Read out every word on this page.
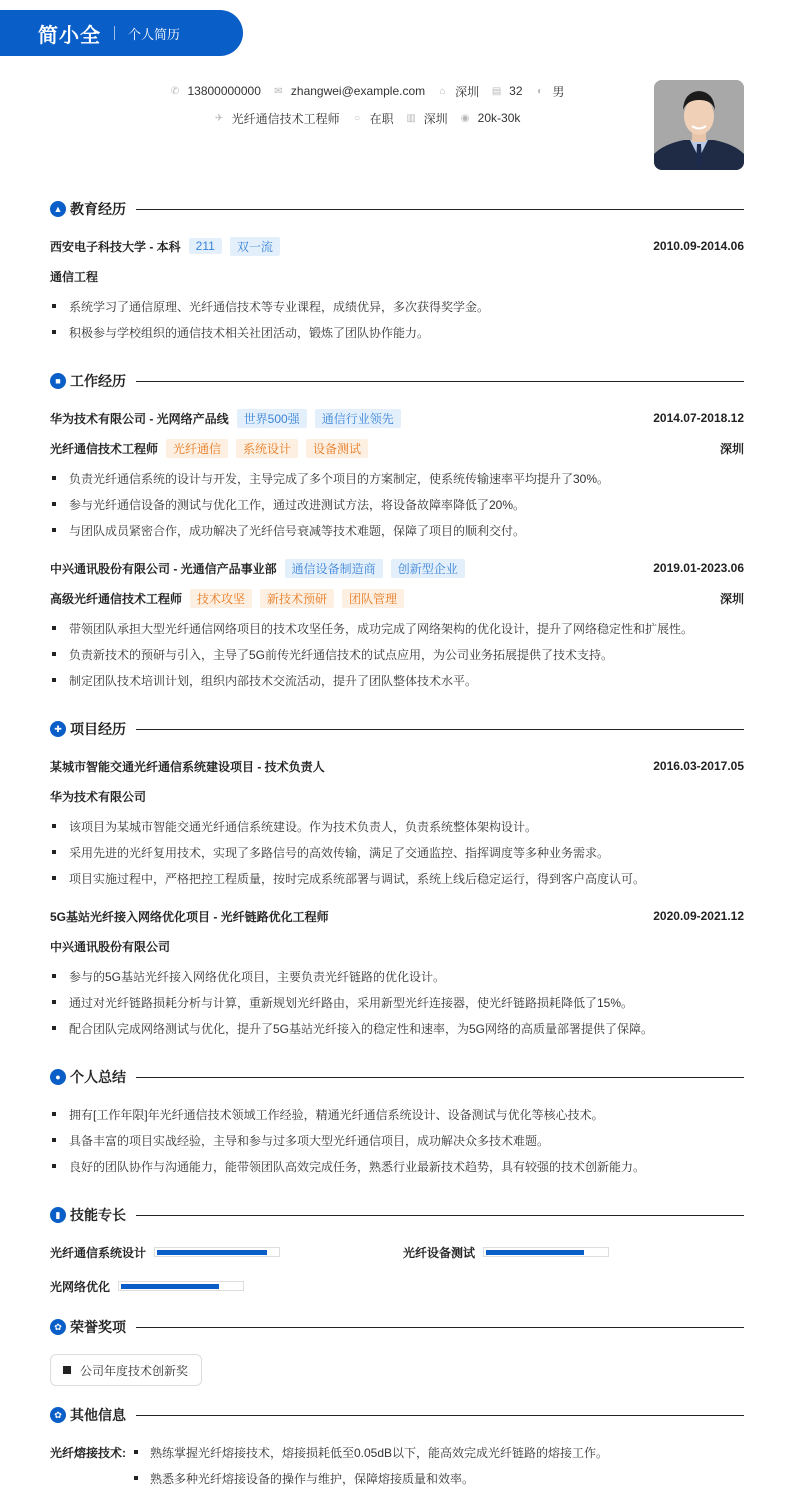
简小全 个人简历
✆ 13800000000 ✉ zhangwei@example.com ⌂ 深圳 ▤ 32 ◐ 男
✈ 光纤通信技术工程师 ○ 在职 ▥ 深圳 ◉ 20k-30k
▲ 教育经历
西安电子科技大学 - 本科	211	双一流	2010.09-2014.06
通信工程
系统学习了通信原理、光纤通信技术等专业课程，成绩优异，多次获得奖学金。
积极参与学校组织的通信技术相关社团活动，锻炼了团队协作能力。
■ 工作经历
华为技术有限公司 - 光网络产品线	世界500强	通信行业领先	2014.07-2018.12
光纤通信技术工程师	光纤通信	系统设计	设备测试	深圳
负责光纤通信系统的设计与开发，主导完成了多个项目的方案制定，使系统传输速率平均提升了30%。
参与光纤通信设备的测试与优化工作，通过改进测试方法，将设备故障率降低了20%。
与团队成员紧密合作，成功解决了光纤信号衰减等技术难题，保障了项目的顺利交付。
中兴通讯股份有限公司 - 光通信产品事业部	通信设备制造商	创新型企业	2019.01-2023.06
高级光纤通信技术工程师	技术攻坚	新技术预研	团队管理	深圳
带领团队承担大型光纤通信网络项目的技术攻坚任务，成功完成了网络架构的优化设计，提升了网络稳定性和扩展性。
负责新技术的预研与引入，主导了5G前传光纤通信技术的试点应用，为公司业务拓展提供了技术支持。
制定团队技术培训计划，组织内部技术交流活动，提升了团队整体技术水平。
✚ 项目经历
某城市智能交通光纤通信系统建设项目 - 技术负责人	2016.03-2017.05
华为技术有限公司
该项目为某城市智能交通光纤通信系统建设。作为技术负责人，负责系统整体架构设计。
采用先进的光纤复用技术，实现了多路信号的高效传输，满足了交通监控、指挥调度等多种业务需求。
项目实施过程中，严格把控工程质量，按时完成系统部署与调试，系统上线后稳定运行，得到客户高度认可。
5G基站光纤接入网络优化项目 - 光纤链路优化工程师	2020.09-2021.12
中兴通讯股份有限公司
参与的5G基站光纤接入网络优化项目，主要负责光纤链路的优化设计。
通过对光纤链路损耗分析与计算，重新规划光纤路由，采用新型光纤连接器，使光纤链路损耗降低了15%。
配合团队完成网络测试与优化，提升了5G基站光纤接入的稳定性和速率，为5G网络的高质量部署提供了保障。
● 个人总结
拥有[工作年限]年光纤通信技术领域工作经验，精通光纤通信系统设计、设备测试与优化等核心技术。
具备丰富的项目实战经验，主导和参与过多项大型光纤通信项目，成功解决众多技术难题。
良好的团队协作与沟通能力，能带领团队高效完成任务，熟悉行业最新技术趋势，具有较强的技术创新能力。
▮ 技能专长
光纤通信系统设计	光纤设备测试
光网络优化
✿ 荣誉奖项
公司年度技术创新奖
✿ 其他信息
光纤熔接技术: 熟练掌握光纤熔接技术，熔接损耗低至0.05dB以下，能高效完成光纤链路的熔接工作。
熟悉多种光纤熔接设备的操作与维护，保障熔接质量和效率。
